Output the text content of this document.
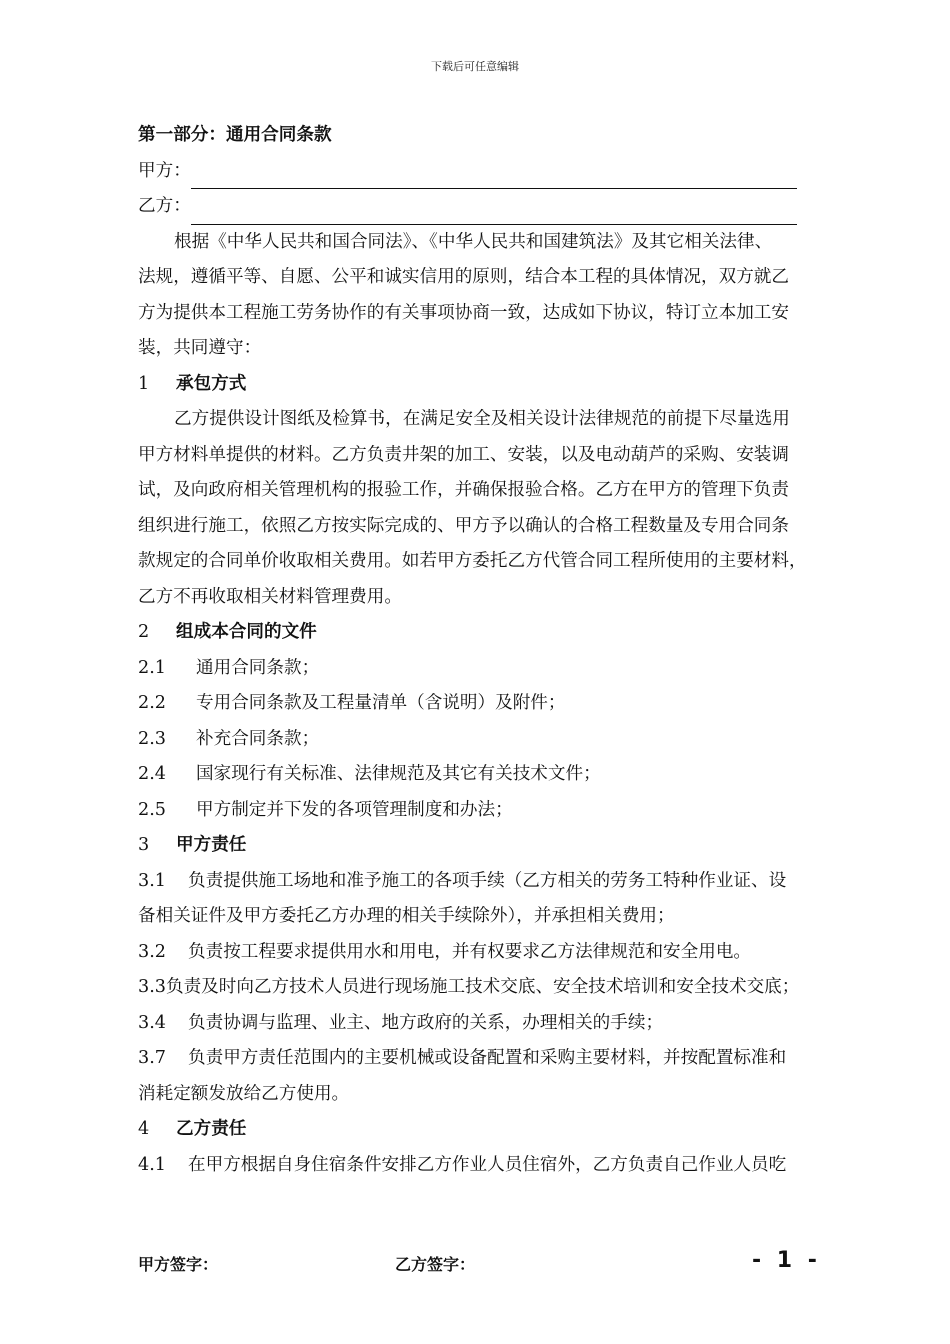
下载后可任意编辑
第一部分：通用合同条款
甲方：
乙方：
根据《中华人民共和国合同法》、《中华人民共和国建筑法》及其它相关法律、
法规，遵循平等、自愿、公平和诚实信用的原则，结合本工程的具体情况，双方就乙
方为提供本工程施工劳务协作的有关事项协商一致，达成如下协议，特订立本加工安
装，共同遵守：
1 承包方式
乙方提供设计图纸及检算书，在满足安全及相关设计法律规范的前提下尽量选用
甲方材料单提供的材料。乙方负责井架的加工、安装，以及电动葫芦的采购、安装调
试，及向政府相关管理机构的报验工作，并确保报验合格。乙方在甲方的管理下负责
组织进行施工，依照乙方按实际完成的、甲方予以确认的合格工程数量及专用合同条
款规定的合同单价收取相关费用。如若甲方委托乙方代管合同工程所使用的主要材料，
乙方不再收取相关材料管理费用。
2 组成本合同的文件
2.1 通用合同条款；
2.2 专用合同条款及工程量清单（含说明）及附件；
2.3 补充合同条款；
2.4 国家现行有关标准、法律规范及其它有关技术文件；
2.5 甲方制定并下发的各项管理制度和办法；
3 甲方责任
3.1 负责提供施工场地和准予施工的各项手续（乙方相关的劳务工特种作业证、设
备相关证件及甲方委托乙方办理的相关手续除外），并承担相关费用；
3.2 负责按工程要求提供用水和用电，并有权要求乙方法律规范和安全用电。
3.3负责及时向乙方技术人员进行现场施工技术交底、安全技术培训和安全技术交底；
3.4 负责协调与监理、业主、地方政府的关系，办理相关的手续；
3.7 负责甲方责任范围内的主要机械或设备配置和采购主要材料，并按配置标准和
消耗定额发放给乙方使用。
4 乙方责任
4.1 在甲方根据自身住宿条件安排乙方作业人员住宿外，乙方负责自己作业人员吃
甲方签字：	乙方签字：	- 1 -
